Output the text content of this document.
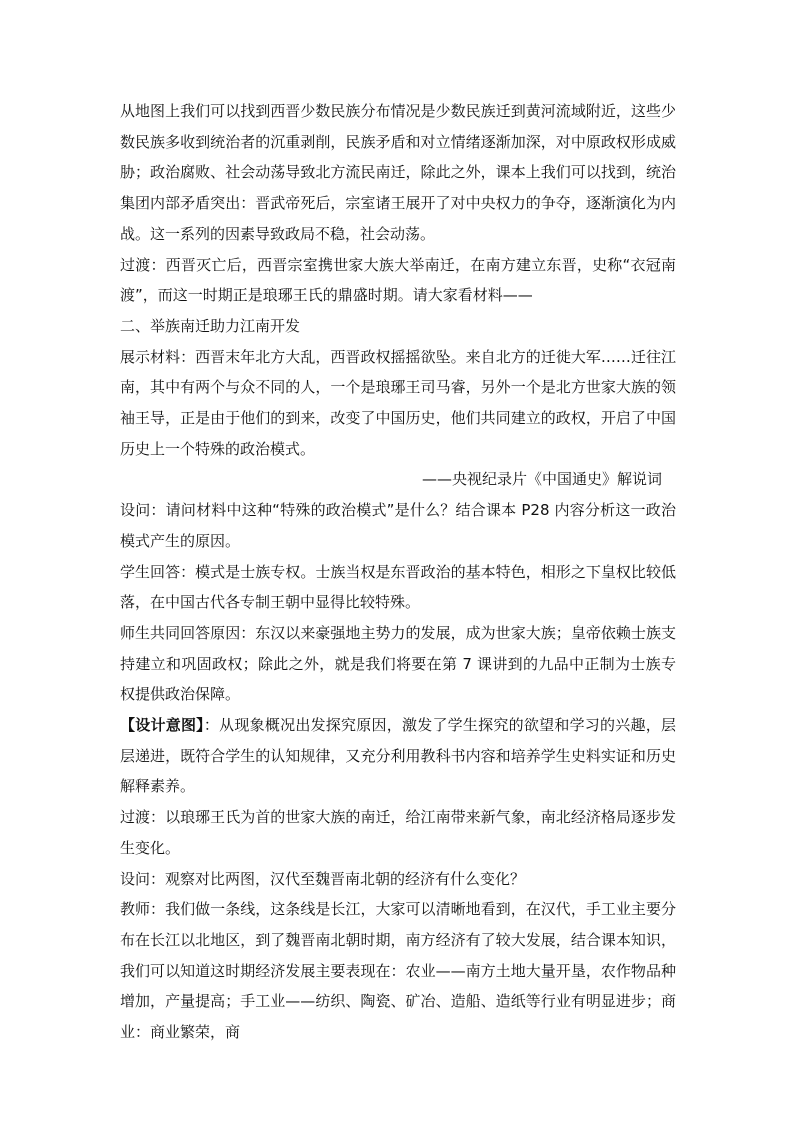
从地图上我们可以找到西晋少数民族分布情况是少数民族迁到黄河流域附近，这些少数民族多收到统治者的沉重剥削，民族矛盾和对立情绪逐渐加深，对中原政权形成威胁；政治腐败、社会动荡导致北方流民南迁，除此之外，课本上我们可以找到，统治集团内部矛盾突出：晋武帝死后，宗室诸王展开了对中央权力的争夺，逐渐演化为内战。这一系列的因素导致政局不稳，社会动荡。

过渡：西晋灭亡后，西晋宗室携世家大族大举南迁，在南方建立东晋，史称“衣冠南渡”，而这一时期正是琅琊王氏的鼎盛时期。请大家看材料——

二、举族南迁助力江南开发

展示材料：西晋末年北方大乱，西晋政权摇摇欲坠。来自北方的迁徙大军……迁往江南，其中有两个与众不同的人，一个是琅琊王司马睿，另外一个是北方世家大族的领袖王导，正是由于他们的到来，改变了中国历史，他们共同建立的政权，开启了中国历史上一个特殊的政治模式。

——央视纪录片《中国通史》解说词

设问：请问材料中这种“特殊的政治模式”是什么？结合课本 P28 内容分析这一政治模式产生的原因。

学生回答：模式是士族专权。士族当权是东晋政治的基本特色，相形之下皇权比较低落，在中国古代各专制王朝中显得比较特殊。

师生共同回答原因：东汉以来豪强地主势力的发展，成为世家大族；皇帝依赖士族支持建立和巩固政权；除此之外，就是我们将要在第 7 课讲到的九品中正制为士族专权提供政治保障。

【设计意图】：从现象概况出发探究原因，激发了学生探究的欲望和学习的兴趣，层层递进，既符合学生的认知规律，又充分利用教科书内容和培养学生史料实证和历史解释素养。

过渡：以琅琊王氏为首的世家大族的南迁，给江南带来新气象，南北经济格局逐步发生变化。

设问：观察对比两图，汉代至魏晋南北朝的经济有什么变化？

教师：我们做一条线，这条线是长江，大家可以清晰地看到，在汉代，手工业主要分布在长江以北地区，到了魏晋南北朝时期，南方经济有了较大发展，结合课本知识，我们可以知道这时期经济发展主要表现在：农业——南方土地大量开垦，农作物品种增加，产量提高；手工业——纺织、陶瓷、矿冶、造船、造纸等行业有明显进步；商业：商业繁荣，商
